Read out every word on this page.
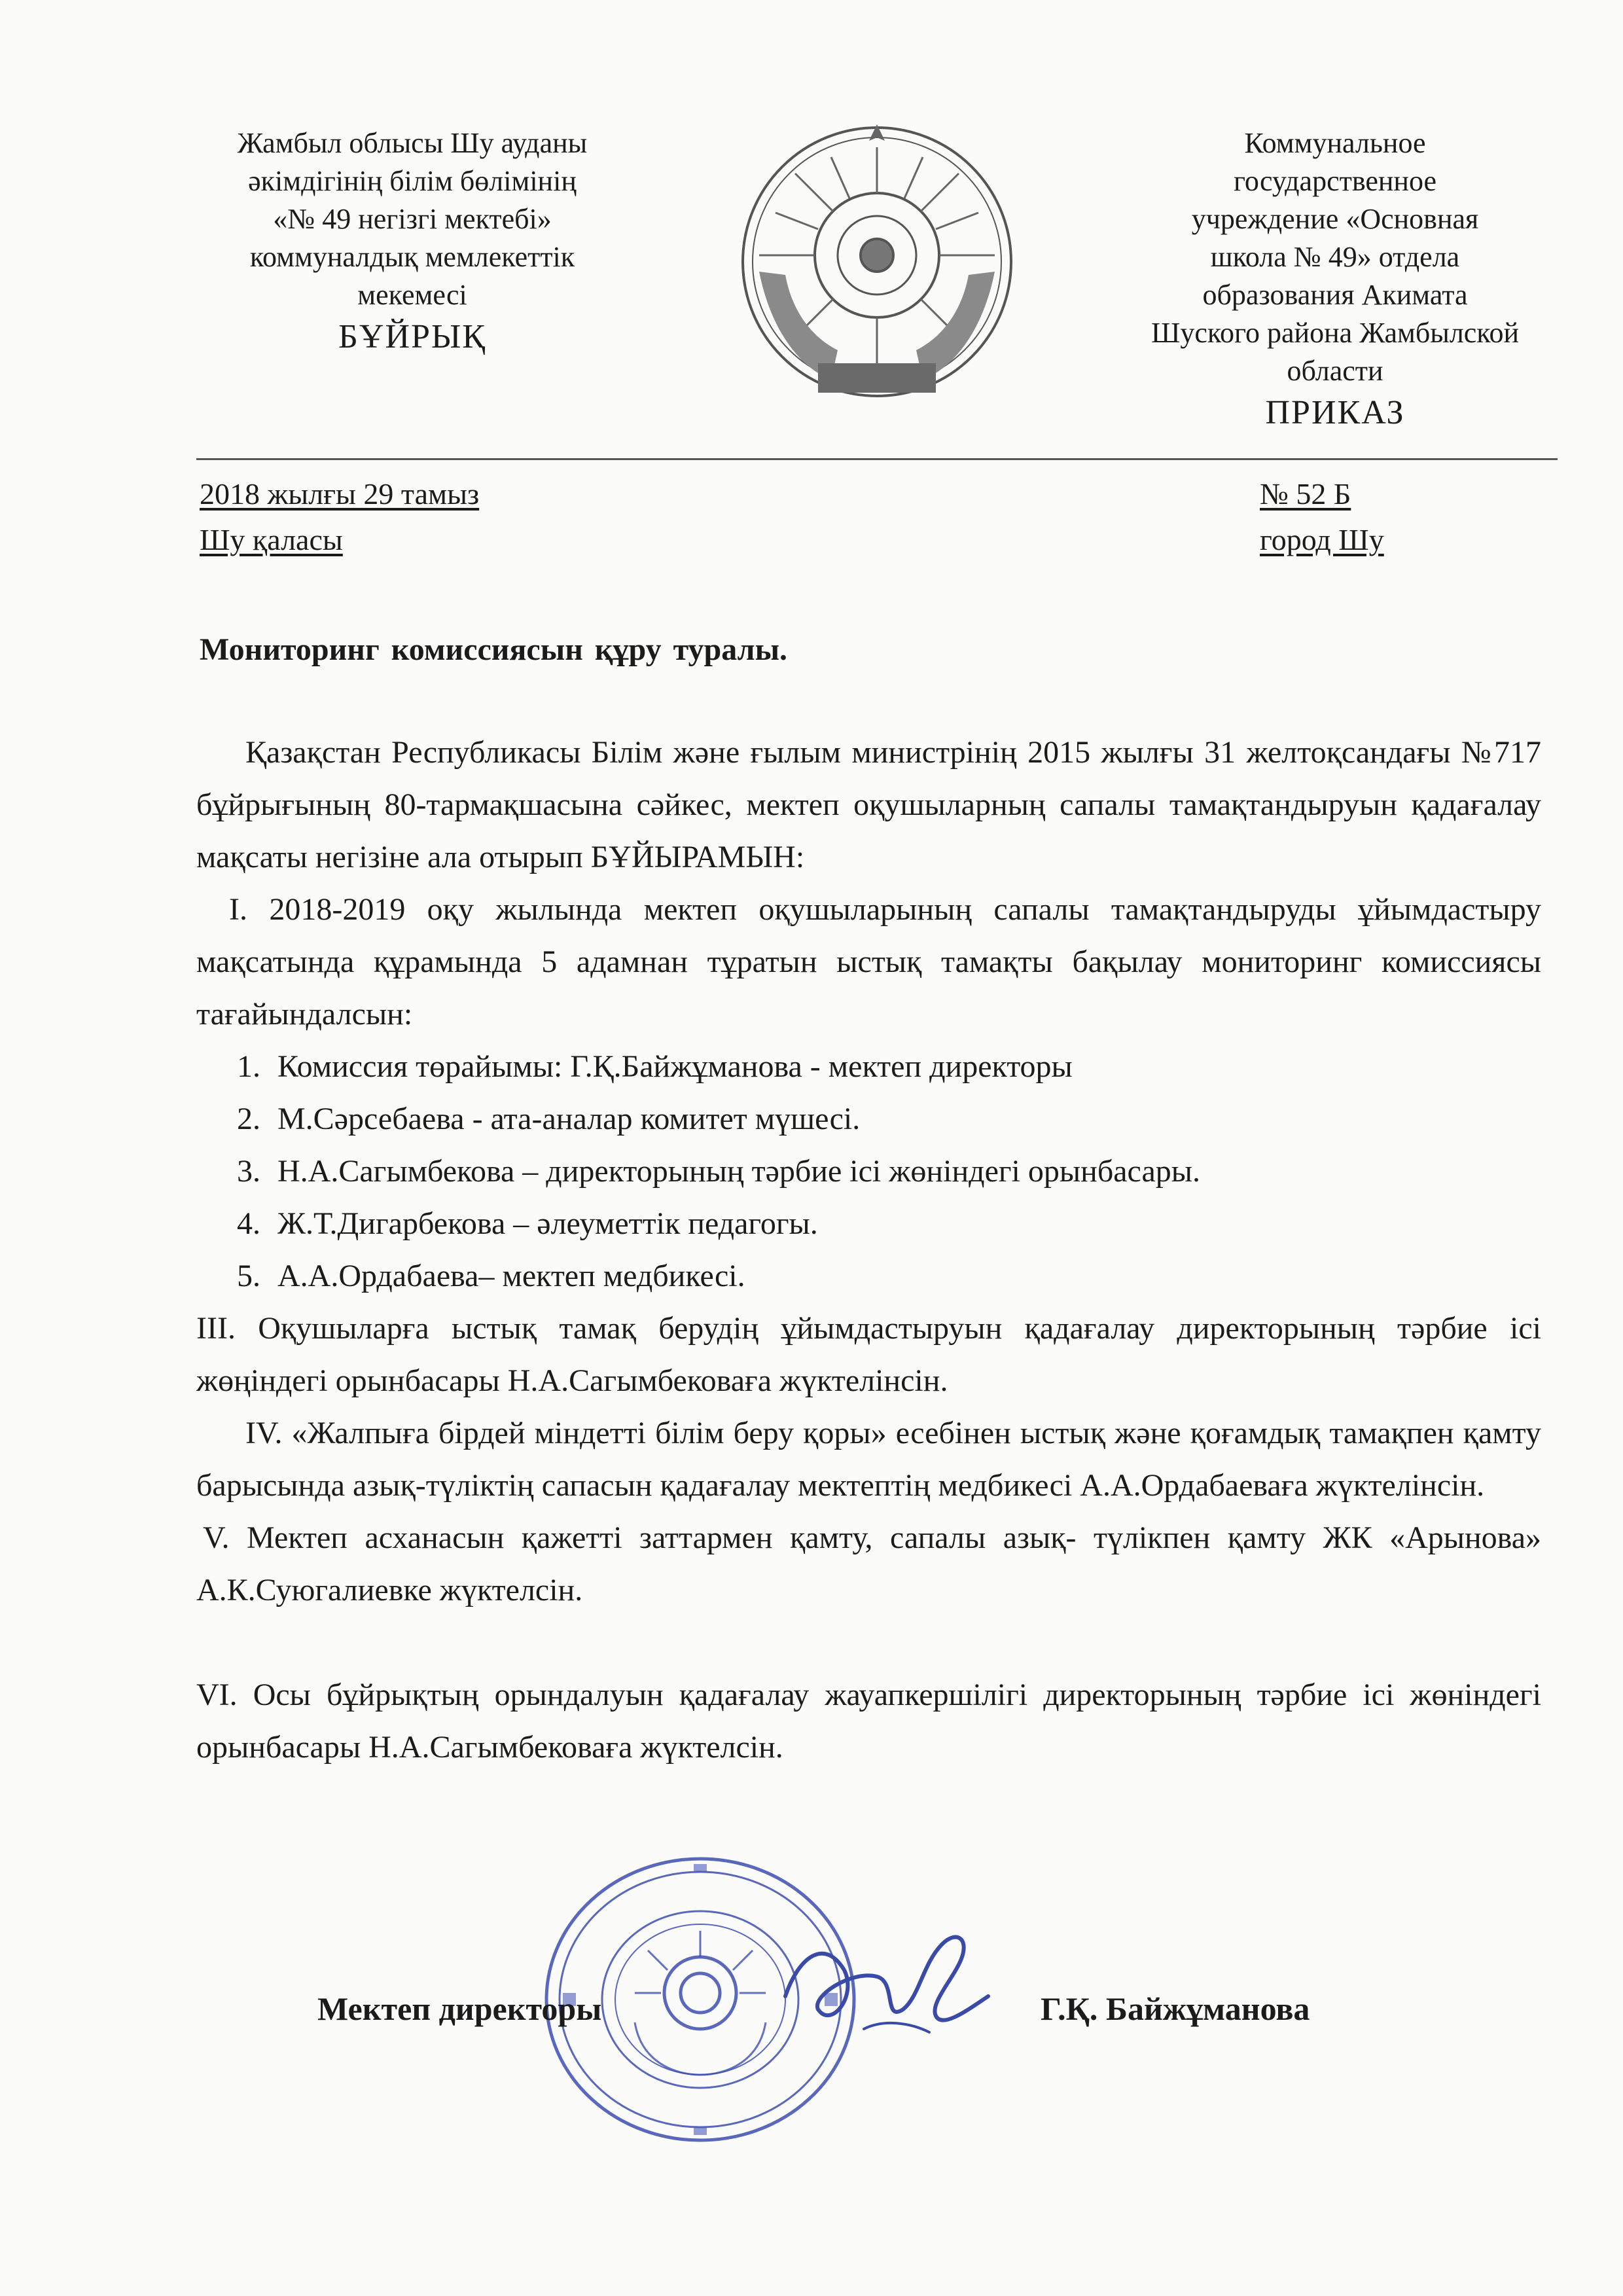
Жамбыл облысы Шу ауданы
әкімдігінің білім бөлімінің
«№ 49 негізгі мектебі»
коммуналдық мемлекеттік
мекемесі
БҰЙРЫҚ
Коммунальное
государственное
учреждение «Основная
школа № 49» отдела
образования Акимата
Шуского района Жамбылской
области
ПРИКАЗ
2018 жылғы 29 тамыз
Шу қаласы
№ 52 Б
город Шу
Мониторинг комиссиясын құру туралы.

Қазақстан Республикасы Білім және ғылым министрінің 2015 жылғы 31 желтоқсандағы №717 бұйрығының 80-тармақшасына сәйкес, мектеп оқушыларның сапалы тамақтандыруын қадағалау мақсаты негізіне ала отырып БҰЙЫРАМЫН:

I. 2018-2019 оқу жылында мектеп оқушыларының сапалы тамақтандыруды ұйымдастыру мақсатында құрамында 5 адамнан тұратын ыстық тамақты бақылау мониторинг комиссиясы тағайындалсын:

1. Комиссия төрайымы: Г.Қ.Байжұманова - мектеп директоры
2. М.Сәрсебаева - ата-аналар комитет мүшесі.
3. Н.А.Сагымбекова – директорының тәрбие ісі жөніндегі орынбасары.
4. Ж.Т.Дигарбекова – әлеуметтік педагогы.
5. А.А.Ордабаева– мектеп медбикесі.

III. Оқушыларға ыстық тамақ берудің ұйымдастыруын қадағалау директорының тәрбие ісі жөңіндегі орынбасары Н.А.Сагымбековаға жүктелінсін.

IV. «Жалпыға бірдей міндетті білім беру қоры» есебінен ыстық және қоғамдық тамақпен қамту барысында азық-түліктің сапасын қадағалау мектептің медбикесі А.А.Ордабаеваға жүктелінсін.

V. Мектеп асханасын қажетті заттармен қамту, сапалы азық- түлікпен қамту ЖК «Арынова» А.К.Суюгалиевке жүктелсін.

VI. Осы бұйрықтың орындалуын қадағалау жауапкершілігі директорының тәрбие ісі жөніндегі орынбасары Н.А.Сагымбековаға жүктелсін.

Мектеп директоры	Г.Қ. Байжұманова
